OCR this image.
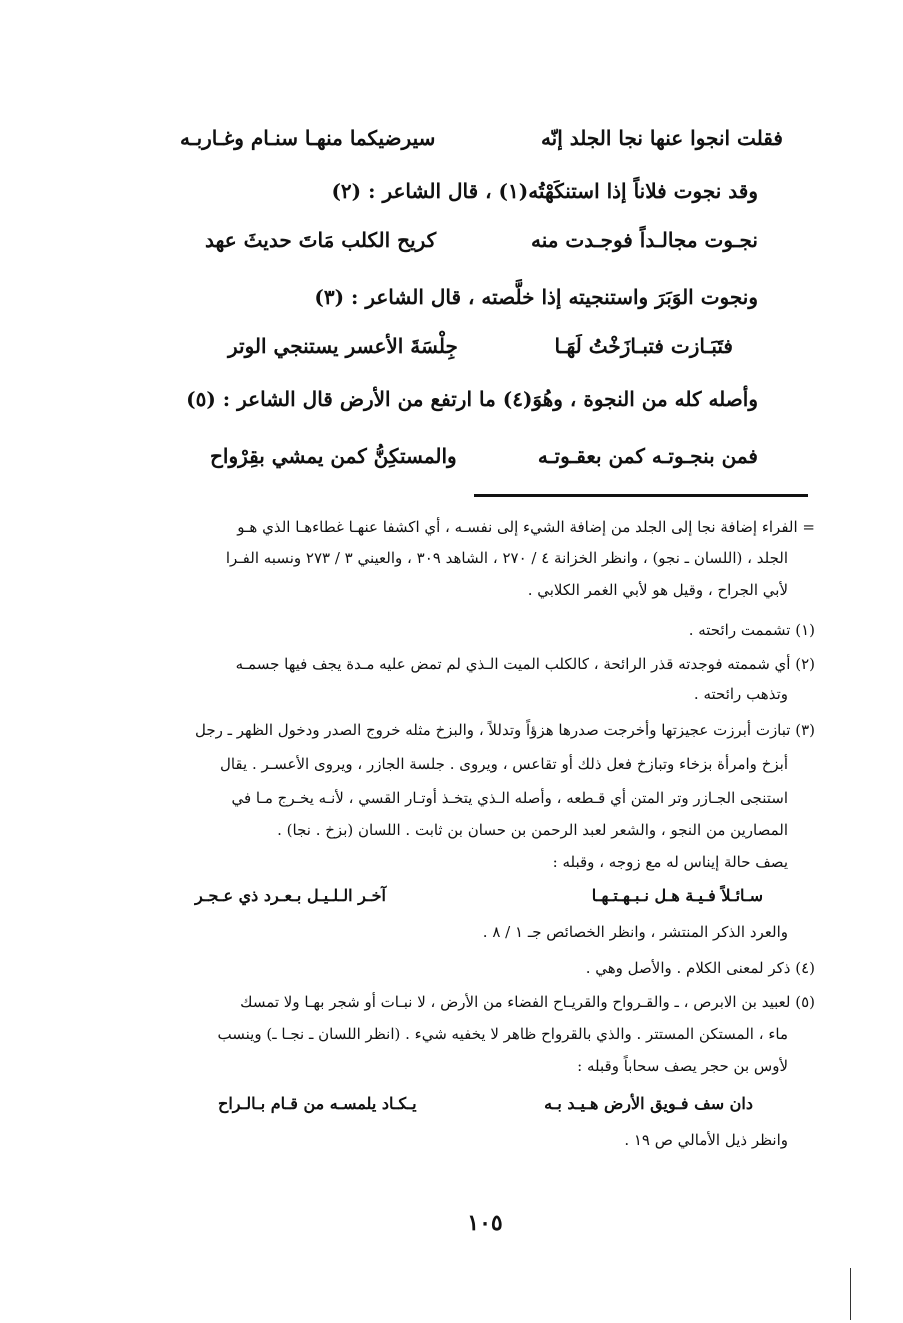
فقلت انجوا عنها نجا الجلد إنّه
سيرضيكما منهـا سنـام وغـاربـه
وقد نجوت فلاناً إذا استنكَهْتُه(١) ، قال الشاعر : (٢)
نجـوت مجالـداً فوجـدت منه
كريح الكلب مَاتَ حديثَ عهد
ونجوت الوَبَرَ واستنجيته إذا خلَّصته ، قال الشاعر : (٣)
فتَبَـازت فتبـازَخْتُ لَهَـا
جِلْسَةَ الأعسر يستنجي الوتر
وأصله كله من النجوة ، وهُوَ(٤) ما ارتفع من الأرض قال الشاعر : (٥)
فمن بنجـوتـه كمن بعقـوتـه
والمستكِنُّ كمن يمشي بقِرْواح
= الفراء إضافة نجا إلى الجلد من إضافة الشيء إلى نفسـه ، أي اكشفا عنهـا غطاءهـا الذي هـو
الجلد ، (اللسان ـ نجو) ، وانظر الخزانة ٤ / ٢٧٠ ، الشاهد ٣٠٩ ، والعيني ٣ / ٢٧٣ ونسبه الفـرا
لأبي الجراح ، وقيل هو لأبي الغمر الكلابي .
(١) تشممت رائحته .
(٢) أي شممته فوجدته قذر الرائحة ، كالكلب الميت الـذي لم تمض عليه مـدة يجف فيها جسمـه
وتذهب رائحته .
(٣) تبازت أبرزت عجيزتها وأخرجت صدرها هزؤاً وتدللاً ، والبزخ مثله خروج الصدر ودخول الظهر ـ رجل
أبزخ وامرأة بزخاء وتبازخ فعل ذلك أو تقاعس ، ويروى . جلسة الجازر ، ويروى الأعسـر . يقال
استنجى الجـازر وتر المتن أي قـطعه ، وأصله الـذي يتخـذ أوتـار القسي ، لأنـه يخـرج مـا في
المصارين من النجو ، والشعر لعبد الرحمن بن حسان بن ثابت . اللسان (بزخ . نجا) .
يصف حالة إيناس له مع زوجه ، وقبله :
سـائـلاً فـيـة هـل نـبـهـتـهـا
آخـر الـلـيـل بـعـرد ذي عـجـر
والعرد الذكر المنتشر ، وانظر الخصائص جـ ١ / ٨ .
(٤) ذكر لمعنى الكلام . والأصل وهي .
(٥) لعبيد بن الابرص ، ـ والقـرواح والقريـاح الفضاء من الأرض ، لا نبـات أو شجر بهـا ولا تمسك
ماء ، المستكن المستتر . والذي بالقرواح ظاهر لا يخفيه شيء . (انظر اللسان ـ نجـا ـ) وينسب
لأوس بن حجر يصف سحاباً وقبله :
دان سف فـويق الأرض هـيـد بـه
يـكـاد يلمسـه من قـام بـالـراح
وانظر ذيل الأمالي ص ١٩ .
١٠٥
